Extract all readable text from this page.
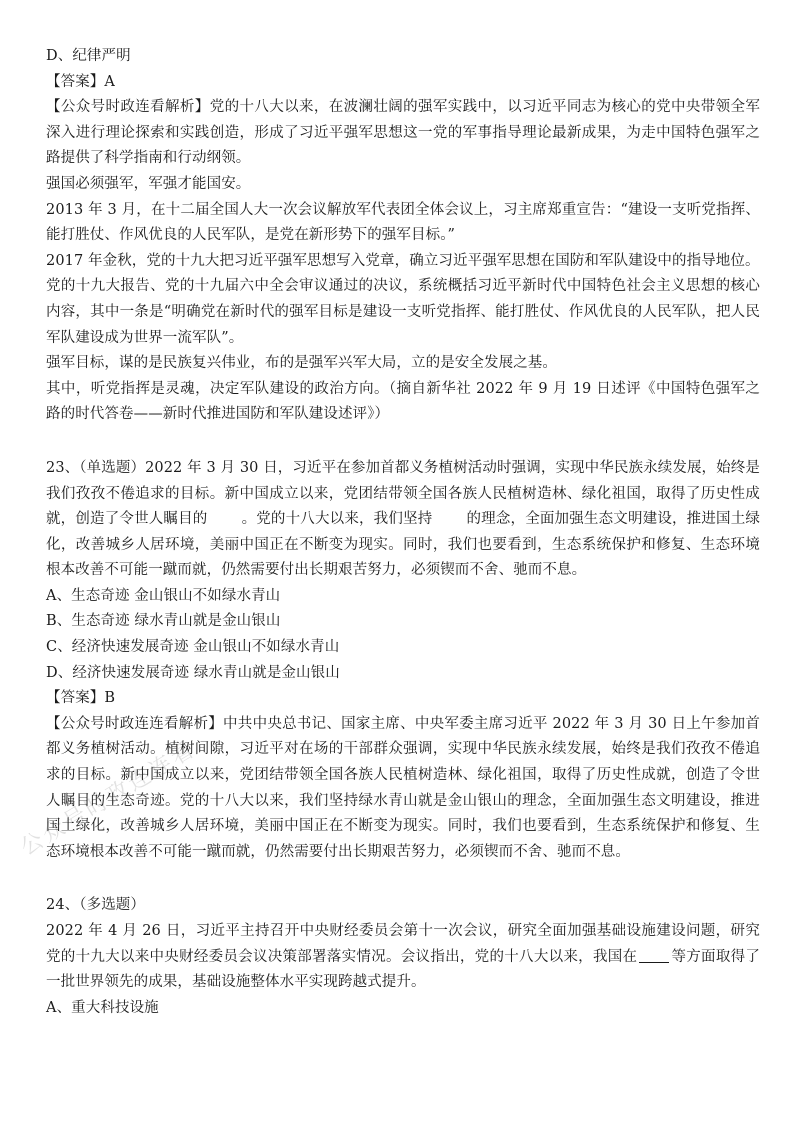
公众号时政连连看

D、纪律严明

【答案】A

【公众号时政连看解析】党的十八大以来，在波澜壮阔的强军实践中，以习近平同志为核心的党中央带领全军深入进行理论探索和实践创造，形成了习近平强军思想这一党的军事指导理论最新成果，为走中国特色强军之路提供了科学指南和行动纲领。

强国必须强军，军强才能国安。

2013 年 3 月，在十二届全国人大一次会议解放军代表团全体会议上，习主席郑重宣告：“建设一支听党指挥、能打胜仗、作风优良的人民军队，是党在新形势下的强军目标。”

2017 年金秋，党的十九大把习近平强军思想写入党章，确立习近平强军思想在国防和军队建设中的指导地位。

党的十九大报告、党的十九届六中全会审议通过的决议，系统概括习近平新时代中国特色社会主义思想的核心内容，其中一条是“明确党在新时代的强军目标是建设一支听党指挥、能打胜仗、作风优良的人民军队，把人民军队建设成为世界一流军队”。

强军目标，谋的是民族复兴伟业，布的是强军兴军大局，立的是安全发展之基。

其中，听党指挥是灵魂，决定军队建设的政治方向。（摘自新华社 2022 年 9 月 19 日述评《中国特色强军之路的时代答卷——新时代推进国防和军队建设述评》）

23、（单选题）2022 年 3 月 30 日，习近平在参加首都义务植树活动时强调，实现中华民族永续发展，始终是我们孜孜不倦追求的目标。新中国成立以来，党团结带领全国各族人民植树造林、绿化祖国，取得了历史性成就，创造了令世人瞩目的 。党的十八大以来，我们坚持 的理念，全面加强生态文明建设，推进国土绿化，改善城乡人居环境，美丽中国正在不断变为现实。同时，我们也要看到，生态系统保护和修复、生态环境根本改善不可能一蹴而就，仍然需要付出长期艰苦努力，必须锲而不舍、驰而不息。

A、生态奇迹 金山银山不如绿水青山

B、生态奇迹 绿水青山就是金山银山

C、经济快速发展奇迹 金山银山不如绿水青山

D、经济快速发展奇迹 绿水青山就是金山银山

【答案】B

【公众号时政连连看解析】中共中央总书记、国家主席、中央军委主席习近平 2022 年 3 月 30 日上午参加首都义务植树活动。植树间隙，习近平对在场的干部群众强调，实现中华民族永续发展，始终是我们孜孜不倦追求的目标。新中国成立以来，党团结带领全国各族人民植树造林、绿化祖国，取得了历史性成就，创造了令世人瞩目的生态奇迹。党的十八大以来，我们坚持绿水青山就是金山银山的理念，全面加强生态文明建设，推进国土绿化，改善城乡人居环境，美丽中国正在不断变为现实。同时，我们也要看到，生态系统保护和修复、生态环境根本改善不可能一蹴而就，仍然需要付出长期艰苦努力，必须锲而不舍、驰而不息。

24、（多选题）

2022 年 4 月 26 日，习近平主持召开中央财经委员会第十一次会议，研究全面加强基础设施建设问题，研究党的十九大以来中央财经委员会议决策部署落实情况。会议指出，党的十八大以来，我国在 等方面取得了一批世界领先的成果，基础设施整体水平实现跨越式提升。

A、重大科技设施
